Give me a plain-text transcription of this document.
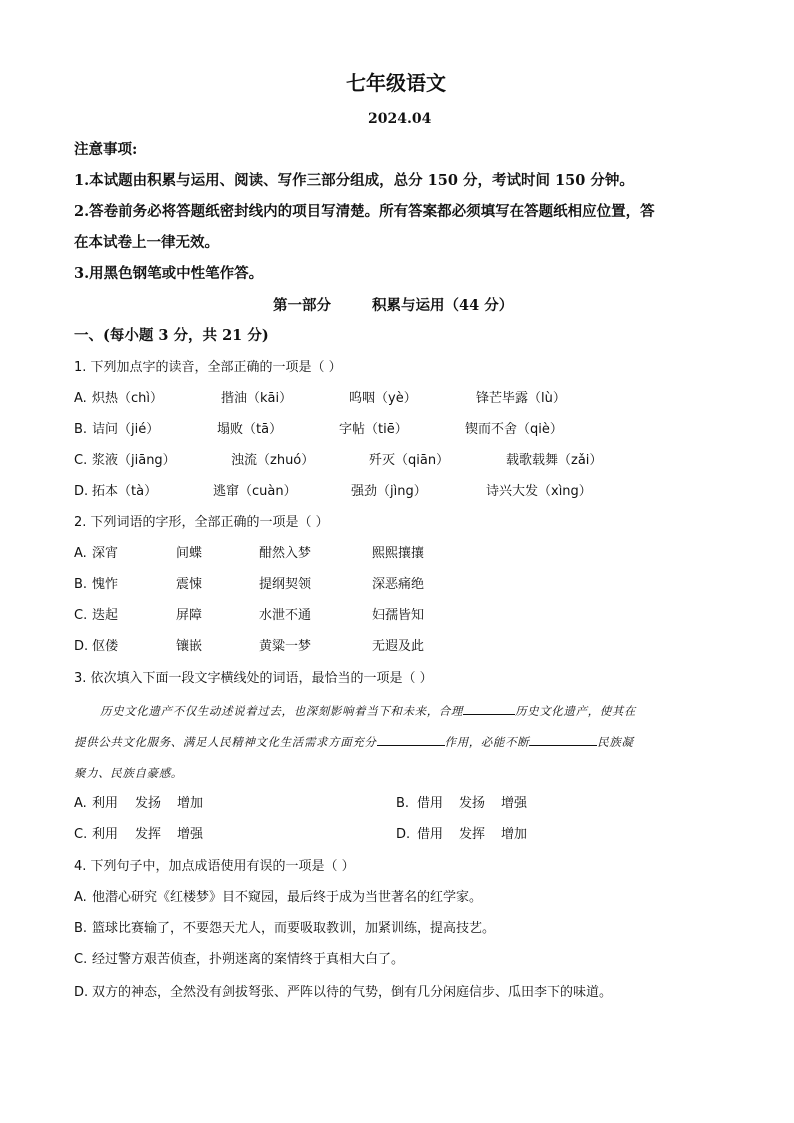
七年级语文
2024.04
注意事项:
1.本试题由积累与运用、阅读、写作三部分组成，总分 150 分，考试时间 150 分钟。
2.答卷前务必将答题纸密封线内的项目写清楚。所有答案都必须填写在答题纸相应位置，答
在本试卷上一律无效。
3.用黑色钢笔或中性笔作答。
第一部分	积累与运用（44 分）
一、(每小题 3 分，共 21 分)
1. 下列加点字的读音，全部正确的一项是（ ）
A. 炽热（chì）	揩油（kāi）	呜咽（yè）	锋芒毕露（lù）
B. 诘问（jié）	塌败（tā）	字帖（tiē）	锲而不舍（qiè）
C. 浆液（jiāng）	浊流（zhuó）	歼灭（qiān）	载歌载舞（zǎi）
D. 拓本（tà）	逃窜（cuàn）	强劲（jìng）	诗兴大发（xìng）
2. 下列词语的字形，全部正确的一项是（ ）
A. 深宵	间蝶	酣然入梦	熙熙攘攘
B. 愧怍	震悚	提纲契领	深恶痛绝
C. 迭起	屏障	水泄不通	妇孺皆知
D. 伛偻	镶嵌	黄粱一梦	无遐及此
3. 依次填入下面一段文字横线处的词语，最恰当的一项是（ ）
历史文化遗产不仅生动述说着过去，也深刻影响着当下和未来，合理	历史文化遗产，使其在
提供公共文化服务、满足人民精神文化生活需求方面充分	作用，必能不断	民族凝
聚力、民族自豪感。
A. 利用 发扬 增加	B. 借用 发扬 增强
C. 利用 发挥 增强	D. 借用 发挥 增加
4. 下列句子中，加点成语使用有误的一项是（ ）
A. 他潜心研究《红楼梦》目不窥园，最后终于成为当世著名的红学家。
B. 篮球比赛输了，不要怨天尤人，而要吸取教训，加紧训练，提高技艺。
C. 经过警方艰苦侦查，扑朔迷离的案情终于真相大白了。
D. 双方的神态，全然没有剑拔弩张、严阵以待的气势，倒有几分闲庭信步、瓜田李下的味道。
